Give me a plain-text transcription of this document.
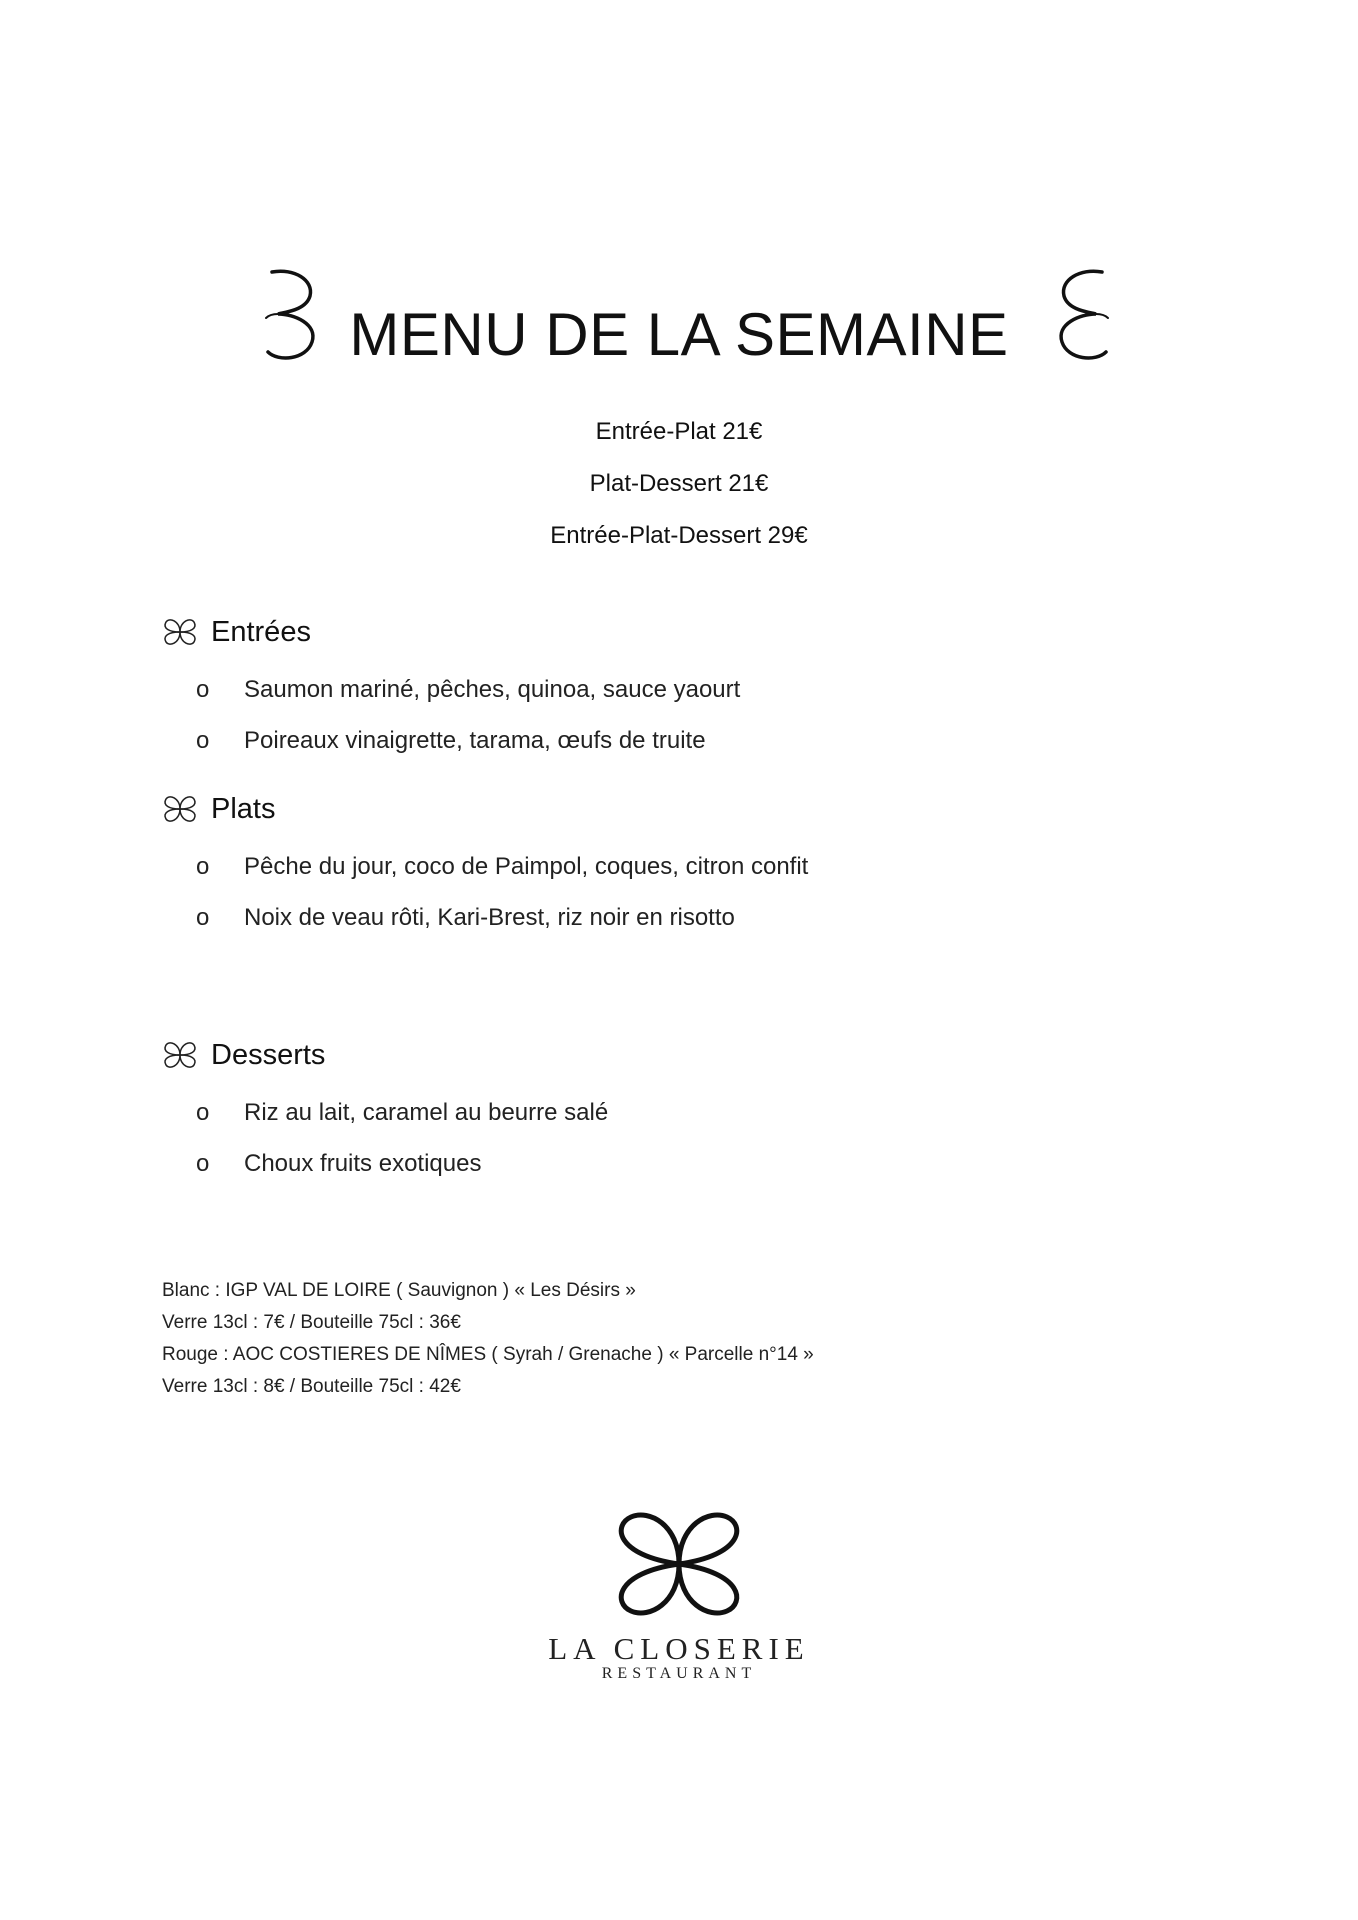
MENU DE LA SEMAINE
Entrée-Plat 21€
Plat-Dessert 21€
Entrée-Plat-Dessert 29€
Entrées
o	Saumon mariné, pêches, quinoa, sauce yaourt
o	Poireaux vinaigrette, tarama, œufs de truite
Plats
o	Pêche du jour, coco de Paimpol, coques, citron confit
o	Noix de veau rôti, Kari-Brest, riz noir en risotto
Desserts
o	Riz au lait, caramel au beurre salé
o	Choux fruits exotiques
Blanc : IGP VAL DE LOIRE ( Sauvignon ) « Les Désirs »
Verre 13cl : 7€ / Bouteille 75cl : 36€
Rouge : AOC COSTIERES DE NÎMES ( Syrah / Grenache ) « Parcelle n°14 »
Verre 13cl : 8€ / Bouteille 75cl : 42€
LA CLOSERIE
RESTAURANT
